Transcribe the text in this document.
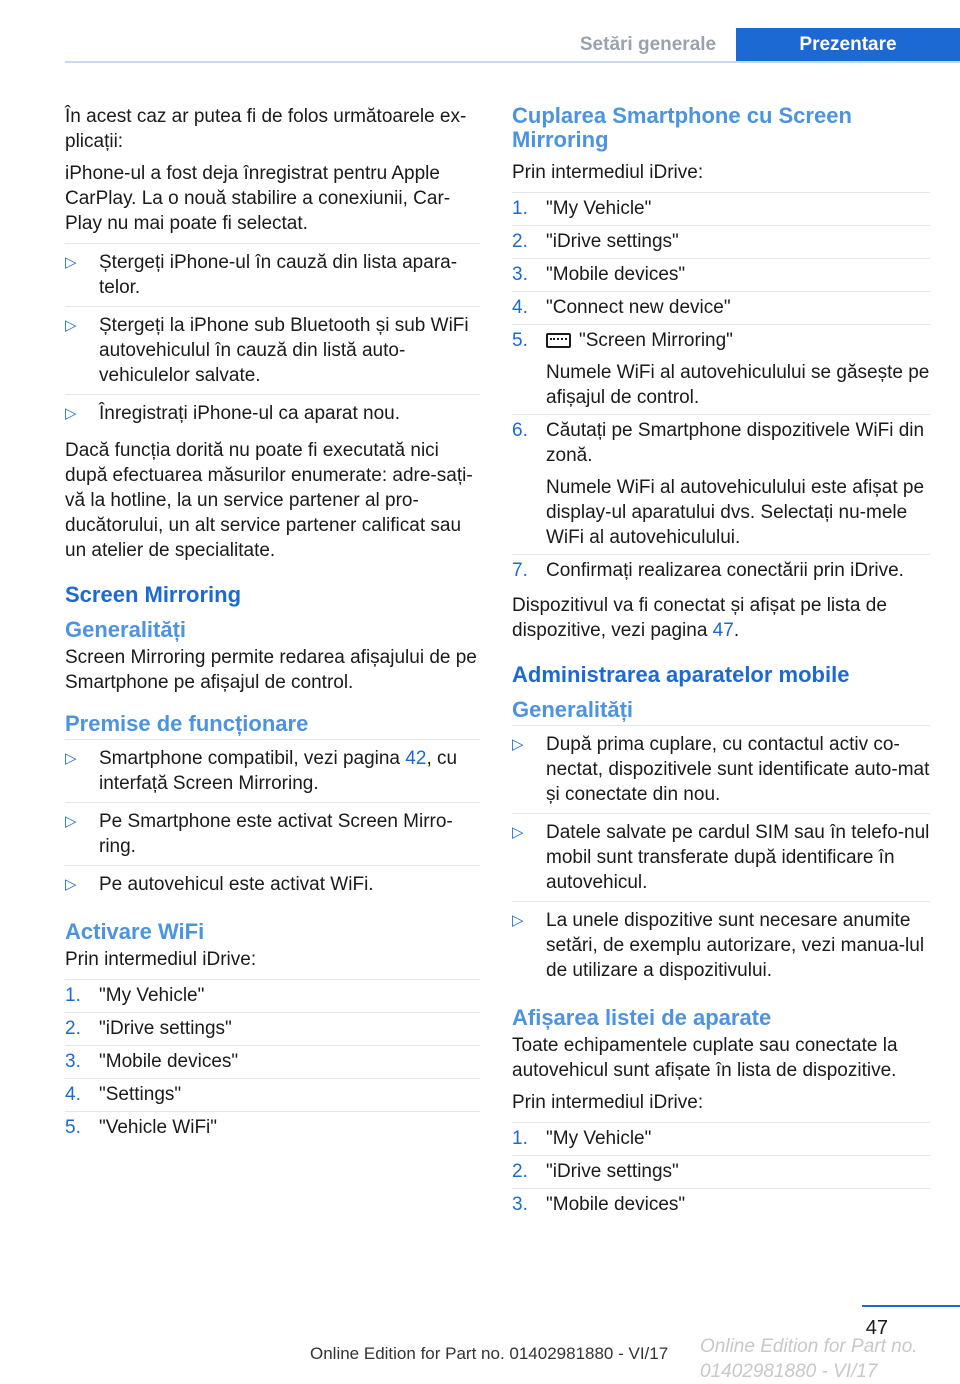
Setări generale	Prezentare

În acest caz ar putea fi de folos următoarele ex‐plicații:

iPhone-ul a fost deja înregistrat pentru Apple CarPlay. La o nouă stabilire a conexiunii, Car‐Play nu mai poate fi selectat.

▷ Ștergeți iPhone-ul în cauză din lista apara‐telor.
▷ Ștergeți la iPhone sub Bluetooth și sub WiFi autovehiculul în cauză din listă auto‐vehiculelor salvate.
▷ Înregistrați iPhone-ul ca aparat nou.

Dacă funcția dorită nu poate fi executată nici după efectuarea măsurilor enumerate: adre‐sați-vă la hotline, la un service partener al pro‐ducătorului, un alt service partener calificat sau un atelier de specialitate.

Screen Mirroring
Generalități

Screen Mirroring permite redarea afișajului de pe Smartphone pe afișajul de control.

Premise de funcționare
▷ Smartphone compatibil, vezi pagina 42, cu interfață Screen Mirroring.
▷ Pe Smartphone este activat Screen Mirro‐ring.
▷ Pe autovehicul este activat WiFi.
Activare WiFi

Prin intermediul iDrive:

1. "My Vehicle"
2. "iDrive settings"
3. "Mobile devices"
4. "Settings"
5. "Vehicle WiFi"
Cuplarea Smartphone cu Screen Mirroring

Prin intermediul iDrive:

1. "My Vehicle"
2. "iDrive settings"
3. "Mobile devices"
4. "Connect new device"
5.	"Screen Mirroring"
Numele WiFi al autovehiculului se găsește pe afișajul de control.
6. Căutați pe Smartphone dispozitivele WiFi din zonă.
Numele WiFi al autovehiculului este afișat pe display-ul aparatului dvs. Selectați nu‐mele WiFi al autovehiculului.
7. Confirmați realizarea conectării prin iDrive.

Dispozitivul va fi conectat și afișat pe lista de dispozitive, vezi pagina 47.

Administrarea aparatelor mobile
Generalități
▷ După prima cuplare, cu contactul activ co‐nectat, dispozitivele sunt identificate auto‐mat și conectate din nou.
▷ Datele salvate pe cardul SIM sau în telefo‐nul mobil sunt transferate după identificare în autovehicul.
▷ La unele dispozitive sunt necesare anumite setări, de exemplu autorizare, vezi manua‐lul de utilizare a dispozitivului.
Afișarea listei de aparate

Toate echipamentele cuplate sau conectate la autovehicul sunt afișate în lista de dispozitive.

Prin intermediul iDrive:

1. "My Vehicle"
2. "iDrive settings"
3. "Mobile devices"
47
Online Edition for Part no. 01402981880 - VI/17
Online Edition for Part no. 01402981880 - VI/17
